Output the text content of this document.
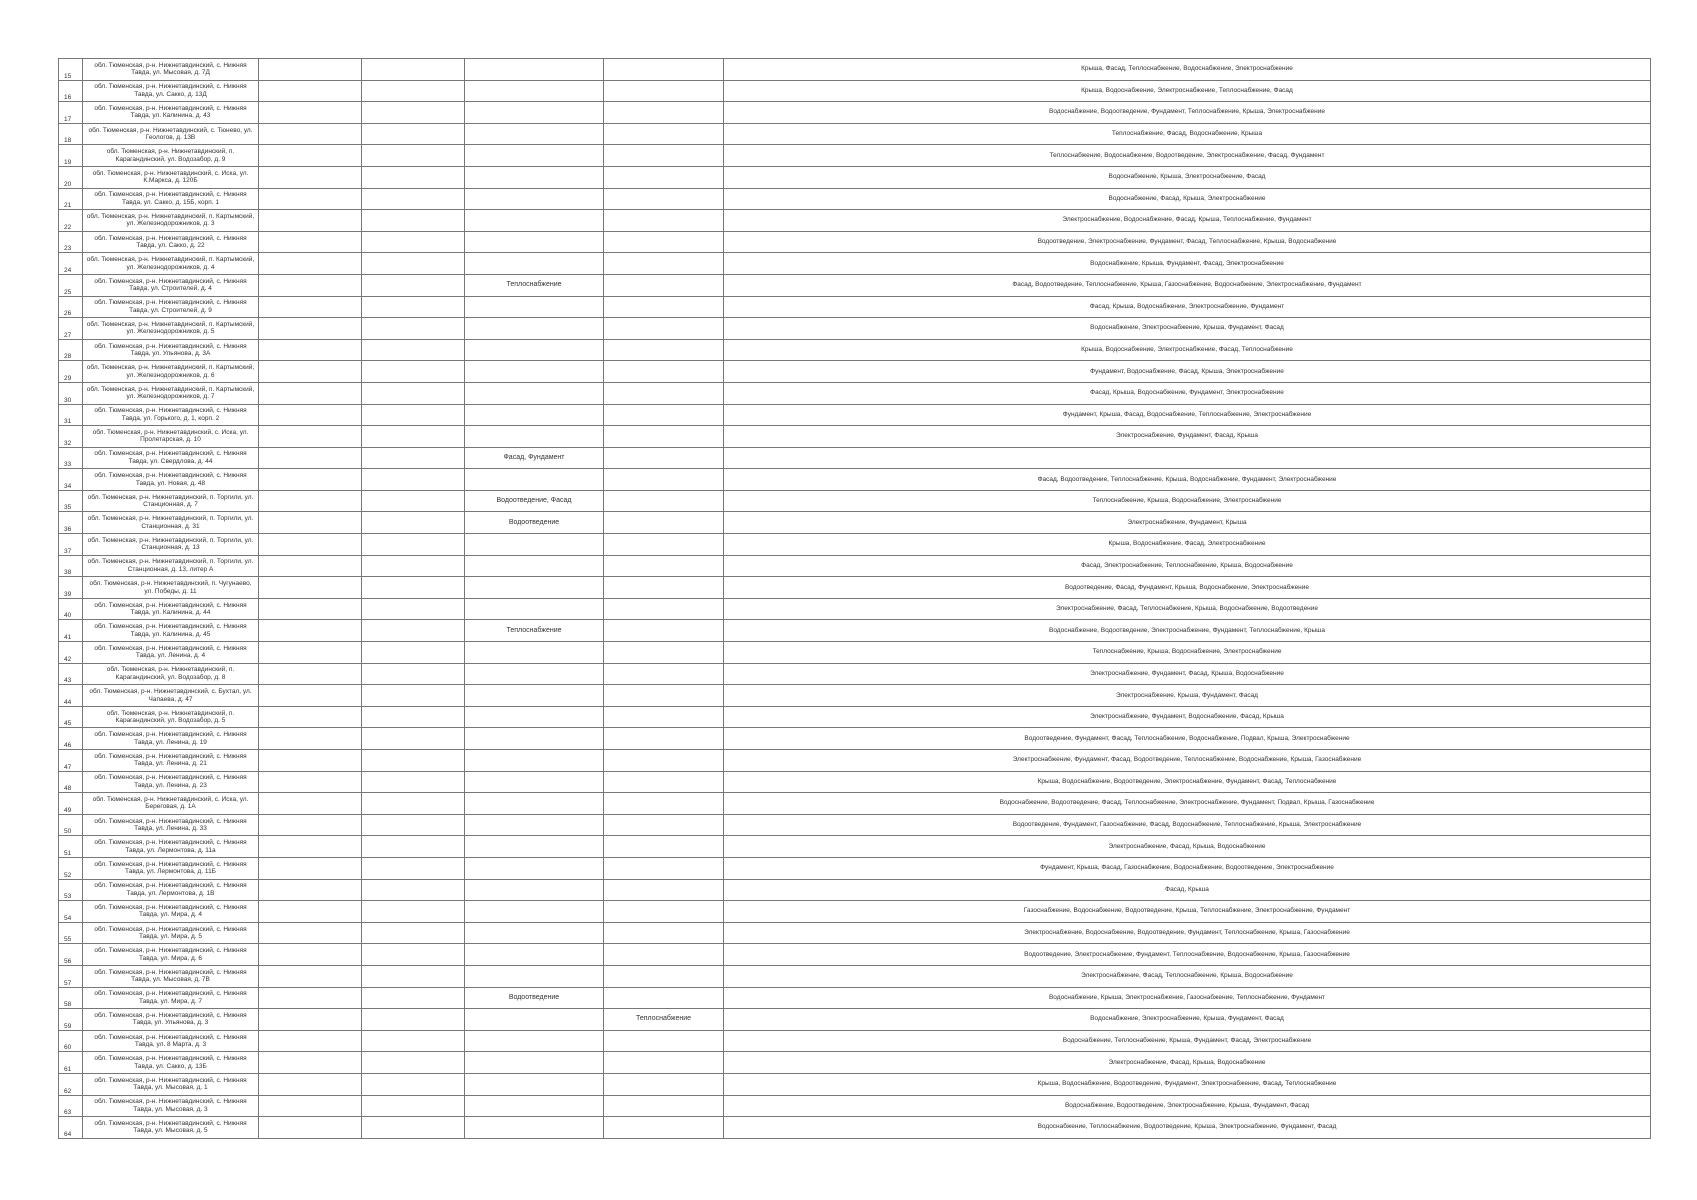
15	обл. Тюменская, р-н. Нижнетавдинский, с. Нижняя Тавда, ул. Мысовая, д. 7Д					Крыша, Фасад, Теплоснабжение, Водоснабжение, Электроснабжение
16	обл. Тюменская, р-н. Нижнетавдинский, с. Нижняя Тавда, ул. Сакко, д. 13Д					Крыша, Водоснабжение, Электроснабжение, Теплоснабжение, Фасад
17	обл. Тюменская, р-н. Нижнетавдинский, с. Нижняя Тавда, ул. Калинина, д. 43					Водоснабжение, Водоотведение, Фундамент, Теплоснабжение, Крыша, Электроснабжение
18	обл. Тюменская, р-н. Нижнетавдинский, с. Тюнево, ул. Геологов, д. 13В					Теплоснабжение, Фасад, Водоснабжение, Крыша
19	обл. Тюменская, р-н. Нижнетавдинский, п. Карагандинский, ул. Водозабор, д. 9					Теплоснабжение, Водоснабжение, Водоотведение, Электроснабжение, Фасад, Фундамент
20	обл. Тюменская, р-н. Нижнетавдинский, с. Иска, ул. К.Маркса, д. 120Б					Водоснабжение, Крыша, Электроснабжение, Фасад
21	обл. Тюменская, р-н. Нижнетавдинский, с. Нижняя Тавда, ул. Сакко, д. 15Б, корп. 1					Водоснабжение, Фасад, Крыша, Электроснабжение
22	обл. Тюменская, р-н. Нижнетавдинский, п. Картымский, ул. Железнодорожников, д. 3					Электроснабжение, Водоснабжение, Фасад, Крыша, Теплоснабжение, Фундамент
23	обл. Тюменская, р-н. Нижнетавдинский, с. Нижняя Тавда, ул. Сакко, д. 22					Водоотведение, Электроснабжение, Фундамент, Фасад, Теплоснабжение, Крыша, Водоснабжение
24	обл. Тюменская, р-н. Нижнетавдинский, п. Картымский, ул. Железнодорожников, д. 4					Водоснабжение, Крыша, Фундамент, Фасад, Электроснабжение
25	обл. Тюменская, р-н. Нижнетавдинский, с. Нижняя Тавда, ул. Строителей, д. 4			Теплоснабжение		Фасад, Водоотведение, Теплоснабжение, Крыша, Газоснабжение, Водоснабжение, Электроснабжение, Фундамент
26	обл. Тюменская, р-н. Нижнетавдинский, с. Нижняя Тавда, ул. Строителей, д. 9					Фасад, Крыша, Водоснабжение, Электроснабжение, Фундамент
27	обл. Тюменская, р-н. Нижнетавдинский, п. Картымский, ул. Железнодорожников, д. 5					Водоснабжение, Электроснабжение, Крыша, Фундамент, Фасад
28	обл. Тюменская, р-н. Нижнетавдинский, с. Нижняя Тавда, ул. Ульянова, д. 3А					Крыша, Водоснабжение, Электроснабжение, Фасад, Теплоснабжение
29	обл. Тюменская, р-н. Нижнетавдинский, п. Картымский, ул. Железнодорожников, д. 6					Фундамент, Водоснабжение, Фасад, Крыша, Электроснабжение
30	обл. Тюменская, р-н. Нижнетавдинский, п. Картымский, ул. Железнодорожников, д. 7					Фасад, Крыша, Водоснабжение, Фундамент, Электроснабжение
31	обл. Тюменская, р-н. Нижнетавдинский, с. Нижняя Тавда, ул. Горького, д. 1, корп. 2					Фундамент, Крыша, Фасад, Водоснабжение, Теплоснабжение, Электроснабжение
32	обл. Тюменская, р-н. Нижнетавдинский, с. Иска, ул. Пролетарская, д. 10					Электроснабжение, Фундамент, Фасад, Крыша
33	обл. Тюменская, р-н. Нижнетавдинский, с. Нижняя Тавда, ул. Свердлова, д. 44			Фасад, Фундамент		
34	обл. Тюменская, р-н. Нижнетавдинский, с. Нижняя Тавда, ул. Новая, д. 48					Фасад, Водоотведение, Теплоснабжение, Крыша, Водоснабжение, Фундамент, Электроснабжение
35	обл. Тюменская, р-н. Нижнетавдинский, п. Торгили, ул. Станционная, д. 7			Водоотведение, Фасад		Теплоснабжение, Крыша, Водоснабжение, Электроснабжение
36	обл. Тюменская, р-н. Нижнетавдинский, п. Торгили, ул. Станционная, д. 31			Водоотведение		Электроснабжение, Фундамент, Крыша
37	обл. Тюменская, р-н. Нижнетавдинский, п. Торгили, ул. Станционная, д. 13					Крыша, Водоснабжение, Фасад, Электроснабжение
38	обл. Тюменская, р-н. Нижнетавдинский, п. Торгили, ул. Станционная, д. 13, литер А					Фасад, Электроснабжение, Теплоснабжение, Крыша, Водоснабжение
39	обл. Тюменская, р-н. Нижнетавдинский, п. Чугунаево, ул. Победы, д. 11					Водоотведение, Фасад, Фундамент, Крыша, Водоснабжение, Электроснабжение
40	обл. Тюменская, р-н. Нижнетавдинский, с. Нижняя Тавда, ул. Калинина, д. 44					Электроснабжение, Фасад, Теплоснабжение, Крыша, Водоснабжение, Водоотведение
41	обл. Тюменская, р-н. Нижнетавдинский, с. Нижняя Тавда, ул. Калинина, д. 45			Теплоснабжение		Водоснабжение, Водоотведение, Электроснабжение, Фундамент, Теплоснабжение, Крыша
42	обл. Тюменская, р-н. Нижнетавдинский, с. Нижняя Тавда, ул. Ленина, д. 4					Теплоснабжение, Крыша, Водоснабжение, Электроснабжение
43	обл. Тюменская, р-н. Нижнетавдинский, п. Карагандинский, ул. Водозабор, д. 8					Электроснабжение, Фундамент, Фасад, Крыша, Водоснабжение
44	обл. Тюменская, р-н. Нижнетавдинский, с. Бухтал, ул. Чапаева, д. 47					Электроснабжение, Крыша, Фундамент, Фасад
45	обл. Тюменская, р-н. Нижнетавдинский, п. Карагандинский, ул. Водозабор, д. 5					Электроснабжение, Фундамент, Водоснабжение, Фасад, Крыша
46	обл. Тюменская, р-н. Нижнетавдинский, с. Нижняя Тавда, ул. Ленина, д. 19					Водоотведение, Фундамент, Фасад, Теплоснабжение, Водоснабжение, Подвал, Крыша, Электроснабжение
47	обл. Тюменская, р-н. Нижнетавдинский, с. Нижняя Тавда, ул. Ленина, д. 21					Электроснабжение, Фундамент, Фасад, Водоотведение, Теплоснабжение, Водоснабжение, Крыша, Газоснабжение
48	обл. Тюменская, р-н. Нижнетавдинский, с. Нижняя Тавда, ул. Ленина, д. 23					Крыша, Водоснабжение, Водоотведение, Электроснабжение, Фундамент, Фасад, Теплоснабжение
49	обл. Тюменская, р-н. Нижнетавдинский, с. Иска, ул. Береговая, д. 1А					Водоснабжение, Водоотведение, Фасад, Теплоснабжение, Электроснабжение, Фундамент, Подвал, Крыша, Газоснабжение
50	обл. Тюменская, р-н. Нижнетавдинский, с. Нижняя Тавда, ул. Ленина, д. 33					Водоотведение, Фундамент, Газоснабжение, Фасад, Водоснабжение, Теплоснабжение, Крыша, Электроснабжение
51	обл. Тюменская, р-н. Нижнетавдинский, с. Нижняя Тавда, ул. Лермонтова, д. 11а					Электроснабжение, Фасад, Крыша, Водоснабжение
52	обл. Тюменская, р-н. Нижнетавдинский, с. Нижняя Тавда, ул. Лермонтова, д. 11Б					Фундамент, Крыша, Фасад, Газоснабжение, Водоснабжение, Водоотведение, Электроснабжение
53	обл. Тюменская, р-н. Нижнетавдинский, с. Нижняя Тавда, ул. Лермонтова, д. 1В					Фасад, Крыша
54	обл. Тюменская, р-н. Нижнетавдинский, с. Нижняя Тавда, ул. Мира, д. 4					Газоснабжение, Водоснабжение, Водоотведение, Крыша, Теплоснабжение, Электроснабжение, Фундамент
55	обл. Тюменская, р-н. Нижнетавдинский, с. Нижняя Тавда, ул. Мира, д. 5					Электроснабжение, Водоснабжение, Водоотведение, Фундамент, Теплоснабжение, Крыша, Газоснабжение
56	обл. Тюменская, р-н. Нижнетавдинский, с. Нижняя Тавда, ул. Мира, д. 6					Водоотведение, Электроснабжение, Фундамент, Теплоснабжение, Водоснабжение, Крыша, Газоснабжение
57	обл. Тюменская, р-н. Нижнетавдинский, с. Нижняя Тавда, ул. Мысовая, д. 7В					Электроснабжение, Фасад, Теплоснабжение, Крыша, Водоснабжение
58	обл. Тюменская, р-н. Нижнетавдинский, с. Нижняя Тавда, ул. Мира, д. 7			Водоотведение		Водоснабжение, Крыша, Электроснабжение, Газоснабжение, Теплоснабжение, Фундамент
59	обл. Тюменская, р-н. Нижнетавдинский, с. Нижняя Тавда, ул. Ульянова, д. 3				Теплоснабжение	Водоснабжение, Электроснабжение, Крыша, Фундамент, Фасад
60	обл. Тюменская, р-н. Нижнетавдинский, с. Нижняя Тавда, ул. 8 Марта, д. 3					Водоснабжение, Теплоснабжение, Крыша, Фундамент, Фасад, Электроснабжение
61	обл. Тюменская, р-н. Нижнетавдинский, с. Нижняя Тавда, ул. Сакко, д. 13Б					Электроснабжение, Фасад, Крыша, Водоснабжение
62	обл. Тюменская, р-н. Нижнетавдинский, с. Нижняя Тавда, ул. Мысовая, д. 1					Крыша, Водоснабжение, Водоотведение, Фундамент, Электроснабжение, Фасад, Теплоснабжение
63	обл. Тюменская, р-н. Нижнетавдинский, с. Нижняя Тавда, ул. Мысовая, д. 3					Водоснабжение, Водоотведение, Электроснабжение, Крыша, Фундамент, Фасад
64	обл. Тюменская, р-н. Нижнетавдинский, с. Нижняя Тавда, ул. Мысовая, д. 5					Водоснабжение, Теплоснабжение, Водоотведение, Крыша, Электроснабжение, Фундамент, Фасад
